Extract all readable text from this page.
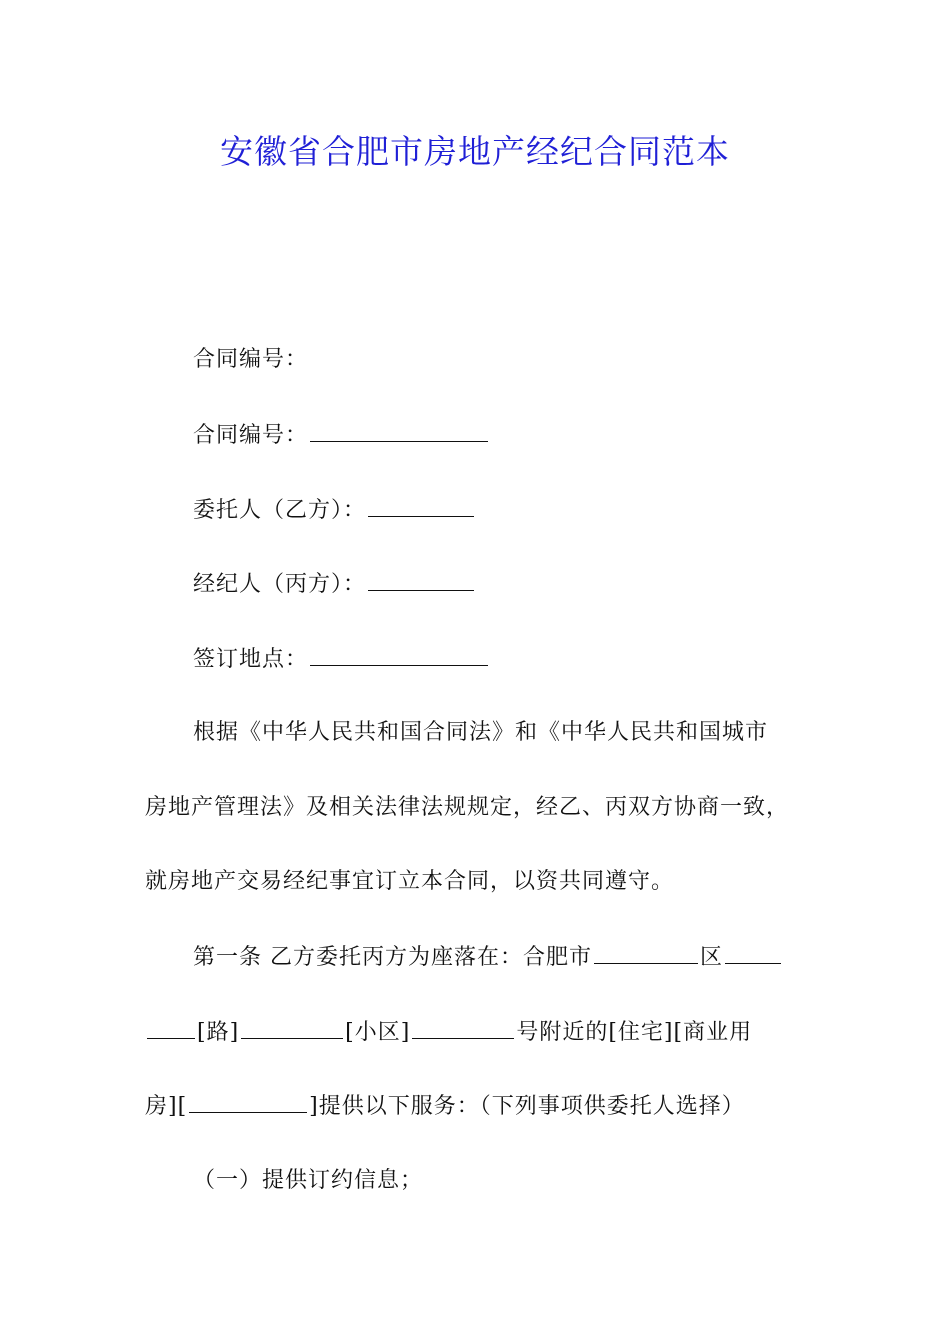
安徽省合肥市房地产经纪合同范本
合同编号：
合同编号：
委托人（乙方）：
经纪人（丙方）：
签订地点：
根据《中华人民共和国合同法》和《中华人民共和国城市
房地产管理法》及相关法律法规规定，经乙、丙双方协商一致，
就房地产交易经纪事宜订立本合同，以资共同遵守。
第一条 乙方委托丙方为座落在：合肥市	区
[路]	[小区]	号附近的[住宅][商业用
房][	]提供以下服务：（下列事项供委托人选择）
（一）提供订约信息；
